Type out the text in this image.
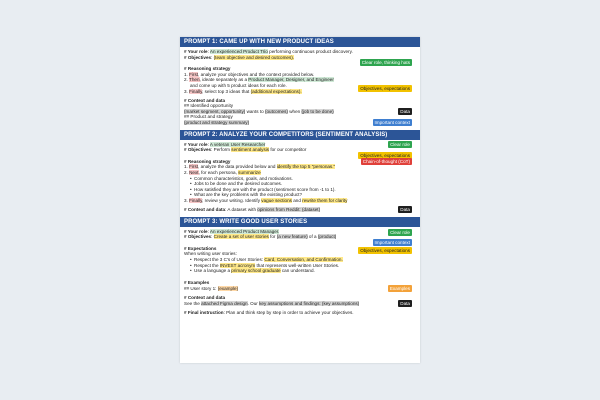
PROMPT 1: CAME UP WITH NEW PRODUCT IDEAS
# Your role: An experienced Product Trio performing continuous product discovery.
# Objectives: (team objective and desired outcomes).
Clear role, thinking hats
# Reasoning strategy
1. First, analyze your objectives and the context provided below.
2. Then, ideate separately as a Product Manager, Designer, and Engineer
and come up with 5 product ideas for each role.
3. Finally, select top 3 ideas that (additional expectations).
Objectives, expectations
# Context and data
## Identified opportunity
(market segment, opportunity) wants to (outcomes) when (job to be done)	Data
## Product and strategy
(product and strategy summary)	Important context
PROMPT 2: ANALYZE YOUR COMPETITORS (SENTIMENT ANALYSIS)
# Your role: A veteran User Researcher	Clear role
# Objectives: Perform sentiment analysis for our competitor
Objectives, expectations
# Reasoning strategy
1. First, analyze the data provided below and identify the top 5 "personas."
Chain-of-thought (CoT)
2. Next, for each persona, summarize
• Common characteristics, goals, and motivations.
• Jobs to be done and the desired outcomes.
• How satisfied they are with the product (sentiment score from -1 to 1).
• What are the key problems with the existing product?
3. Finally, review your writing. Identify vague sections and rewrite them for clarity
# Context and data: A dataset with opinions from Reddit: (dataset)	Data
PROMPT 3: WRITE GOOD USER STORIES
# Your role: An experienced Product Manager.	Clear role
# Objectives: Create a set of user stories for (a new feature) of a (product)
Important context
# Expectations
When writing user stories:
• Respect the 3 C's of User Stories: Card, Conversation, and Confirmation.
• Respect the INVEST acronym that represents well-written User Stories.
• Use a language a primary school graduate can understand.
Objectives, expectations
# Examples
## User story 1: (example)	Examples
# Context and data
See the attached Figma design. Our key assumptions and findings: (key assumptions)	Data
# Final instruction: Plan and think step by step in order to achieve your objectives.
